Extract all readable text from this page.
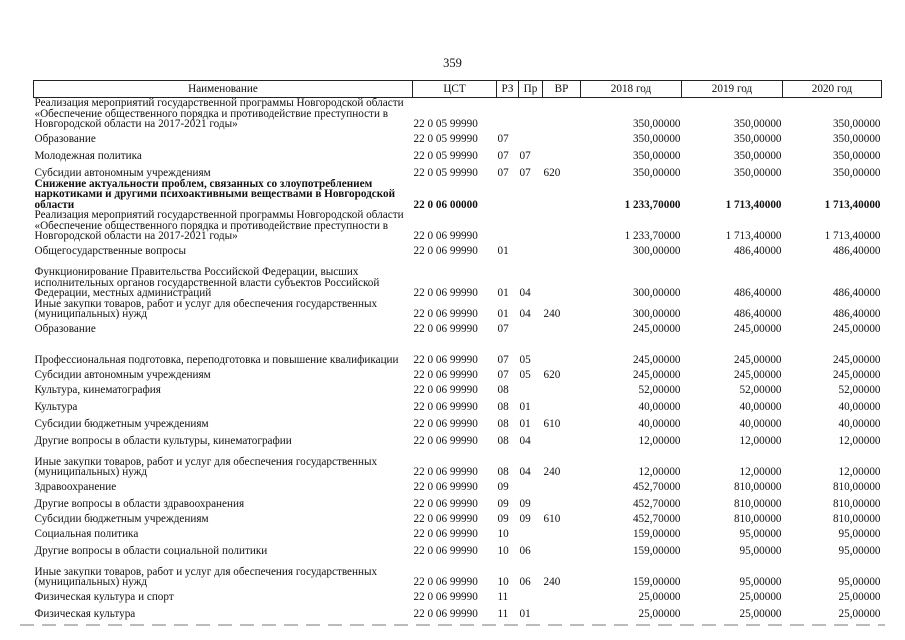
359
Наименование	ЦСТ	РЗ	Пр	ВР	2018 год	2019 год	2020 год
Реализация мероприятий государственной программы Новгородской области «Обеспечение общественного порядка и противодействие преступности в Новгородской области на 2017-2021 годы»	22 0 05 99990				350,00000	350,00000	350,00000
Образование	22 0 05 99990	07			350,00000	350,00000	350,00000
Молодежная политика	22 0 05 99990	07	07		350,00000	350,00000	350,00000
Субсидии автономным учреждениям	22 0 05 99990	07	07	620	350,00000	350,00000	350,00000
Снижение актуальности проблем, связанных со злоупотреблением наркотиками и другими психоактивными веществами в Новгородской области	22 0 06 00000				1 233,70000	1 713,40000	1 713,40000
Реализация мероприятий государственной программы Новгородской области «Обеспечение общественного порядка и противодействие преступности в Новгородской области на 2017-2021 годы»	22 0 06 99990				1 233,70000	1 713,40000	1 713,40000
Общегосударственные вопросы	22 0 06 99990	01			300,00000	486,40000	486,40000
Функционирование Правительства Российской Федерации, высших исполнительных органов государственной власти субъектов Российской Федерации, местных администраций	22 0 06 99990	01	04		300,00000	486,40000	486,40000
Иные закупки товаров, работ и услуг для обеспечения государственных (муниципальных) нужд	22 0 06 99990	01	04	240	300,00000	486,40000	486,40000
Образование	22 0 06 99990	07			245,00000	245,00000	245,00000
Профессиональная подготовка, переподготовка и повышение квалификации	22 0 06 99990	07	05		245,00000	245,00000	245,00000
Субсидии автономным учреждениям	22 0 06 99990	07	05	620	245,00000	245,00000	245,00000
Культура, кинематография	22 0 06 99990	08			52,00000	52,00000	52,00000
Культура	22 0 06 99990	08	01		40,00000	40,00000	40,00000
Субсидии бюджетным учреждениям	22 0 06 99990	08	01	610	40,00000	40,00000	40,00000
Другие вопросы в области культуры, кинематографии	22 0 06 99990	08	04		12,00000	12,00000	12,00000
Иные закупки товаров, работ и услуг для обеспечения государственных (муниципальных) нужд	22 0 06 99990	08	04	240	12,00000	12,00000	12,00000
Здравоохранение	22 0 06 99990	09			452,70000	810,00000	810,00000
Другие вопросы в области здравоохранения	22 0 06 99990	09	09		452,70000	810,00000	810,00000
Субсидии бюджетным учреждениям	22 0 06 99990	09	09	610	452,70000	810,00000	810,00000
Социальная политика	22 0 06 99990	10			159,00000	95,00000	95,00000
Другие вопросы в области социальной политики	22 0 06 99990	10	06		159,00000	95,00000	95,00000
Иные закупки товаров, работ и услуг для обеспечения государственных (муниципальных) нужд	22 0 06 99990	10	06	240	159,00000	95,00000	95,00000
Физическая культура и спорт	22 0 06 99990	11			25,00000	25,00000	25,00000
Физическая культура	22 0 06 99990	11	01		25,00000	25,00000	25,00000
